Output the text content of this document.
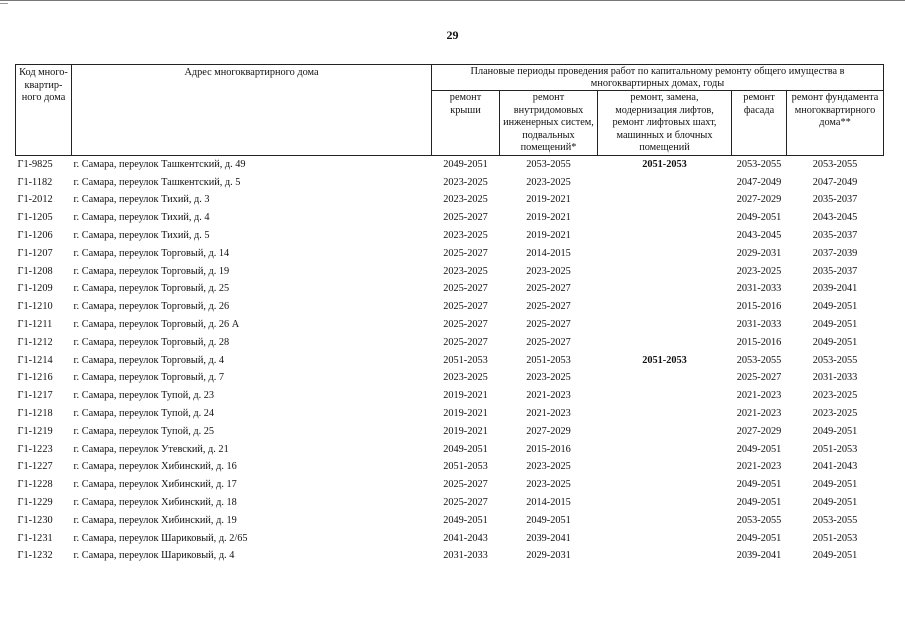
29
Код много-квартир-ного дома	Адрес многоквартирного дома	Плановые периоды проведения работ по капитальному ремонту общего имущества в многоквартирных домах, годы				
		ремонт крыши	ремонт внутридомовых инженерных систем, подвальных помещений*	ремонт, замена, модернизация лифтов, ремонт лифтовых шахт, машинных и блочных помещений	ремонт фасада	ремонт фундамента многоквартирного дома**
Г1-9825	г. Самара, переулок Ташкентский, д. 49	2049-2051	2053-2055	2051-2053	2053-2055	2053-2055
Г1-1182	г. Самара, переулок Ташкентский, д. 5	2023-2025	2023-2025		2047-2049	2047-2049
Г1-2012	г. Самара, переулок Тихий, д. 3	2023-2025	2019-2021		2027-2029	2035-2037
Г1-1205	г. Самара, переулок Тихий, д. 4	2025-2027	2019-2021		2049-2051	2043-2045
Г1-1206	г. Самара, переулок Тихий, д. 5	2023-2025	2019-2021		2043-2045	2035-2037
Г1-1207	г. Самара, переулок Торговый, д. 14	2025-2027	2014-2015		2029-2031	2037-2039
Г1-1208	г. Самара, переулок Торговый, д. 19	2023-2025	2023-2025		2023-2025	2035-2037
Г1-1209	г. Самара, переулок Торговый, д. 25	2025-2027	2025-2027		2031-2033	2039-2041
Г1-1210	г. Самара, переулок Торговый, д. 26	2025-2027	2025-2027		2015-2016	2049-2051
Г1-1211	г. Самара, переулок Торговый, д. 26 А	2025-2027	2025-2027		2031-2033	2049-2051
Г1-1212	г. Самара, переулок Торговый, д. 28	2025-2027	2025-2027		2015-2016	2049-2051
Г1-1214	г. Самара, переулок Торговый, д. 4	2051-2053	2051-2053	2051-2053	2053-2055	2053-2055
Г1-1216	г. Самара, переулок Торговый, д. 7	2023-2025	2023-2025		2025-2027	2031-2033
Г1-1217	г. Самара, переулок Тупой, д. 23	2019-2021	2021-2023		2021-2023	2023-2025
Г1-1218	г. Самара, переулок Тупой, д. 24	2019-2021	2021-2023		2021-2023	2023-2025
Г1-1219	г. Самара, переулок Тупой, д. 25	2019-2021	2027-2029		2027-2029	2049-2051
Г1-1223	г. Самара, переулок Утевский, д. 21	2049-2051	2015-2016		2049-2051	2051-2053
Г1-1227	г. Самара, переулок Хибинский, д. 16	2051-2053	2023-2025		2021-2023	2041-2043
Г1-1228	г. Самара, переулок Хибинский, д. 17	2025-2027	2023-2025		2049-2051	2049-2051
Г1-1229	г. Самара, переулок Хибинский, д. 18	2025-2027	2014-2015		2049-2051	2049-2051
Г1-1230	г. Самара, переулок Хибинский, д. 19	2049-2051	2049-2051		2053-2055	2053-2055
Г1-1231	г. Самара, переулок Шариковый, д. 2/65	2041-2043	2039-2041		2049-2051	2051-2053
Г1-1232	г. Самара, переулок Шариковый, д. 4	2031-2033	2029-2031		2039-2041	2049-2051
